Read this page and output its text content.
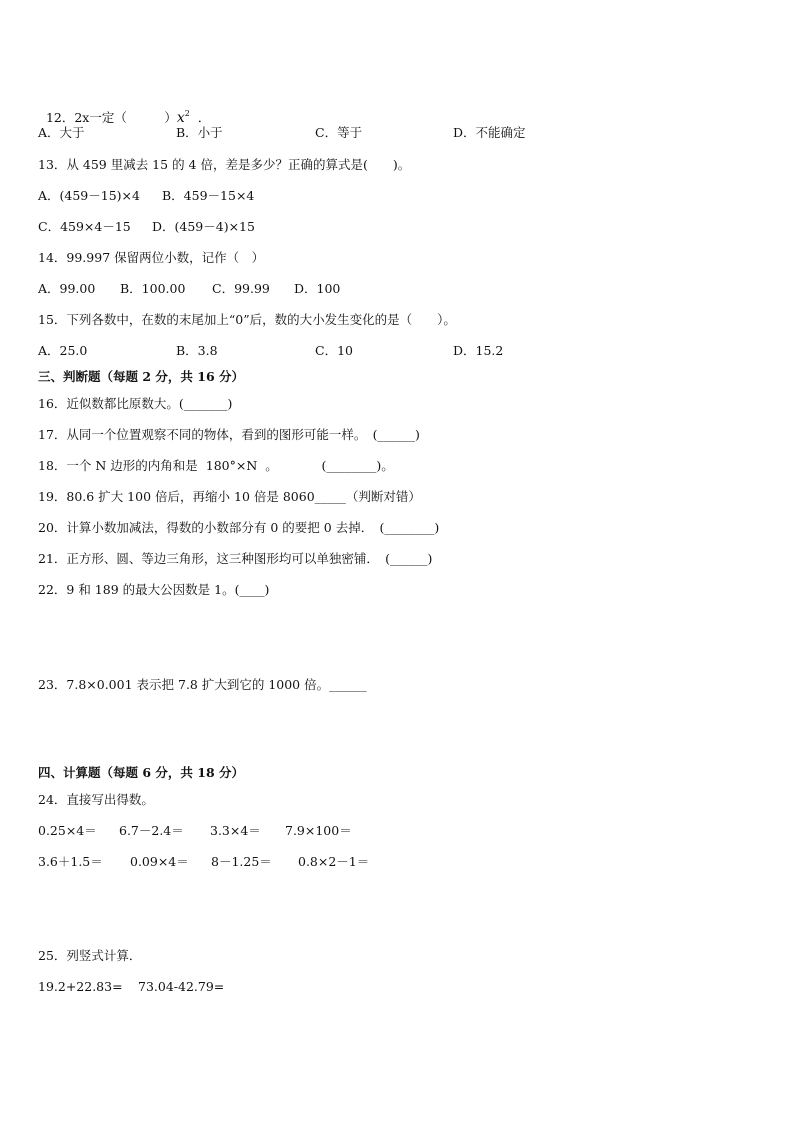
12．2x一定（　　　）$x^2$ ．

A．大于	B．小于	C．等于	D．不能确定
13．从 459 里减去 15 的 4 倍，差是多少？正确的算式是(　　)。
A．(459－15)×4 B．459－15×4
C．459×4－15 D．(459－4)×15
14．99.997 保留两位小数，记作（　）
A．99.00 B．100.00 C．99.99 D．100
15．下列各数中，在数的末尾加上“0”后，数的大小发生变化的是（　　）。
A．25.0	B．3.8	C．10	D．15.2
三、判断题（每题 2 分，共 16 分）
16．近似数都比原数大。(_______)
17．从同一个位置观察不同的物体，看到的图形可能一样。　(______)
18．一个 N 边形的内角和是  180°×N  。　　　　(________)。
19．80.6 扩大 100 倍后，再缩小 10 倍是 8060_____（判断对错）
20．计算小数加减法，得数的小数部分有 0 的要把 0 去掉．　(________)
21．正方形、圆、等边三角形，这三种图形均可以单独密铺．　(______)
22．9 和 189 的最大公因数是 1。(____)
23．7.8×0.001 表示把 7.8 扩大到它的 1000 倍。______
四、计算题（每题 6 分，共 18 分）
24．直接写出得数。
0.25×4＝ 6.7－2.4＝ 3.3×4＝ 7.9×100＝
3.6＋1.5＝ 0.09×4＝ 8－1.25＝ 0.8×2－1＝
25．列竖式计算．
19.2+22.83= 73.04-42.79=
